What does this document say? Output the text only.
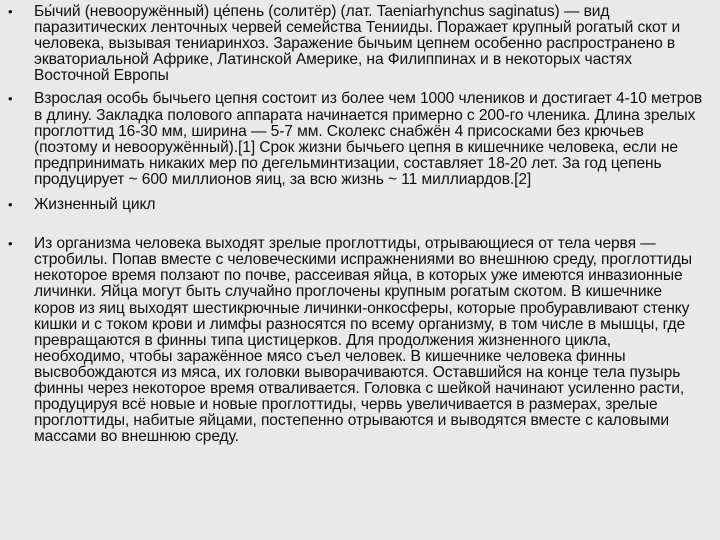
• Бы́чий (невооружённый) це́пень (солитёр) (лат. Taeniarhynchus saginatus) — вид паразитических ленточных червей семейства Тенииды. Поражает крупный рогатый скот и человека, вызывая тениаринхоз. Заражение бычьим цепнем особенно распространено в экваториальной Африке, Латинской Америке, на Филиппинах и в некоторых частях Восточной Европы
• Взрослая особь бычьего цепня состоит из более чем 1000 члеников и достигает 4-10 метров в длину. Закладка полового аппарата начинается примерно с 200-го членика. Длина зрелых проглоттид 16-30 мм, ширина — 5-7 мм. Сколекс снабжён 4 присосками без крючьев (поэтому и невооружённый).[1] Срок жизни бычьего цепня в кишечнике человека, если не предпринимать никаких мер по дегельминтизации, составляет 18-20 лет. За год цепень продуцирует ~ 600 миллионов яиц, за всю жизнь ~ 11 миллиардов.[2]
• Жизненный цикл
• Из организма человека выходят зрелые проглоттиды, отрывающиеся от тела червя — стробилы. Попав вместе с человеческими испражнениями во внешнюю среду, проглоттиды некоторое время ползают по почве, рассеивая яйца, в которых уже имеются инвазионные личинки. Яйца могут быть случайно проглочены крупным рогатым скотом. В кишечнике коров из яиц выходят шестикрючные личинки-онкосферы, которые пробуравливают стенку кишки и с током крови и лимфы разносятся по всему организму, в том числе в мышцы, где превращаются в финны типа цистицерков. Для продолжения жизненного цикла, необходимо, чтобы заражённое мясо съел человек. В кишечнике человека финны высвобождаются из мяса, их головки выворачиваются. Оставшийся на конце тела пузырь финны через некоторое время отваливается. Головка с шейкой начинают усиленно расти, продуцируя всё новые и новые проглоттиды, червь увеличивается в размерах, зрелые проглоттиды, набитые яйцами, постепенно отрываются и выводятся вместе с каловыми массами во внешнюю среду.
